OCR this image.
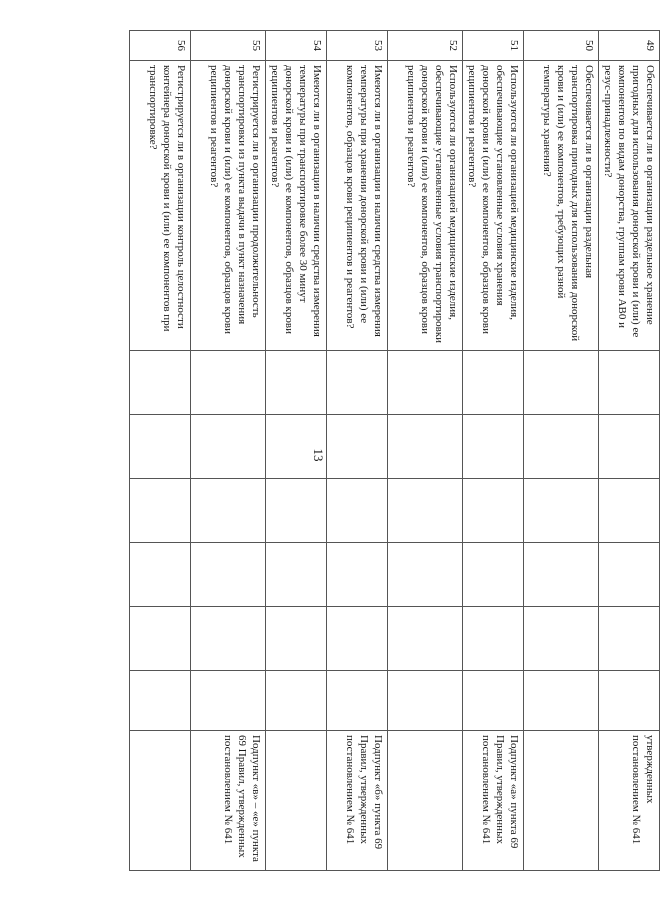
13
49	Обеспечивается ли в организации раздельное хранение пригодных для использования донорской крови и (или) ее компонентов по видам донорства, группам крови АВ0 и резус-принадлежности?							утвержденных постановлением № 641
50	Обеспечивается ли в организации раздельная транспортировка пригодных для использования донорской крови и (или) ее компонентов, требующих разной температуры хранения?							
51	Используются ли организацией медицинские изделия, обеспечивающие установленные условия хранения донорской крови и (или) ее компонентов, образцов крови реципиентов и реагентов?							Подпункт «а» пункта 69 Правил, утвержденных постановлением № 641
52	Используются ли организацией медицинские изделия, обеспечивающие установленные условия транспортировки донорской крови и (или) ее компонентов, образцов крови реципиентов и реагентов?							
53	Имеются ли в организации в наличии средства измерения температуры при хранении донорской крови и (или) ее компонентов, образцов крови реципиентов и реагентов?							Подпункт «б» пункта 69 Правил, утвержденных постановлением № 641
54	Имеются ли в организации в наличии средства измерения температуры при транспортировке более 30 минут донорской крови и (или) ее компонентов, образцов крови реципиентов и реагентов?							
55	Регистрируется ли в организации продолжительность транспортировки из пункта выдачи в пункт назначения донорской крови и (или) ее компонентов, образцов крови реципиентов и реагентов?							Подпункт «в» – «е» пункта 69 Правил, утвержденных постановлением № 641
56	Регистрируется ли в организации контроль целостности контейнера донорской крови и (или) ее компонентов при транспортировке?							
